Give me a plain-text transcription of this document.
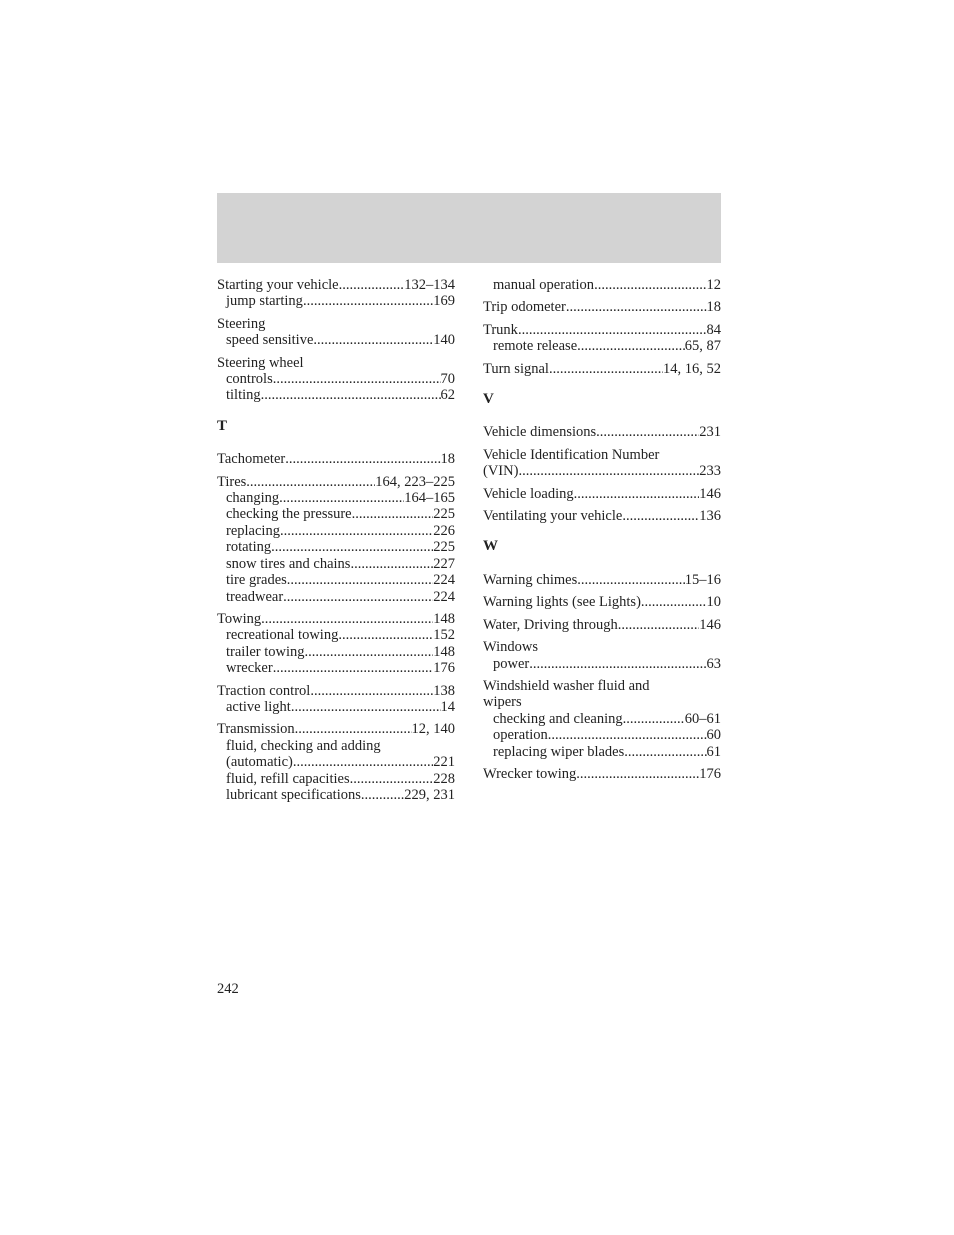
Starting your vehicle .....	132–134
jump starting .....	169
Steering
speed sensitive .....	140
Steering wheel
controls .....	70
tilting .....	62
T
Tachometer .....	18
Tires .....	164, 223–225
changing .....	164–165
checking the pressure .....	225
replacing .....	226
rotating .....	225
snow tires and chains .....	227
tire grades .....	224
treadwear .....	224
Towing .....	148
recreational towing .....	152
trailer towing .....	148
wrecker .....	176
Traction control .....	138
active light .....	14
Transmission .....	12, 140
fluid, checking and adding
(automatic) .....	221
fluid, refill capacities .....	228
lubricant specifications .....	229, 231
manual operation .....	12
Trip odometer .....	18
Trunk .....	84
remote release .....	65, 87
Turn signal .....	14, 16, 52
V
Vehicle dimensions .....	231
Vehicle Identification Number
(VIN) .....	233
Vehicle loading .....	146
Ventilating your vehicle .....	136
W
Warning chimes .....	15–16
Warning lights (see Lights) .....	10
Water, Driving through .....	146
Windows
power .....	63
Windshield washer fluid and
wipers
checking and cleaning .....	60–61
operation .....	60
replacing wiper blades .....	61
Wrecker towing .....	176
242
